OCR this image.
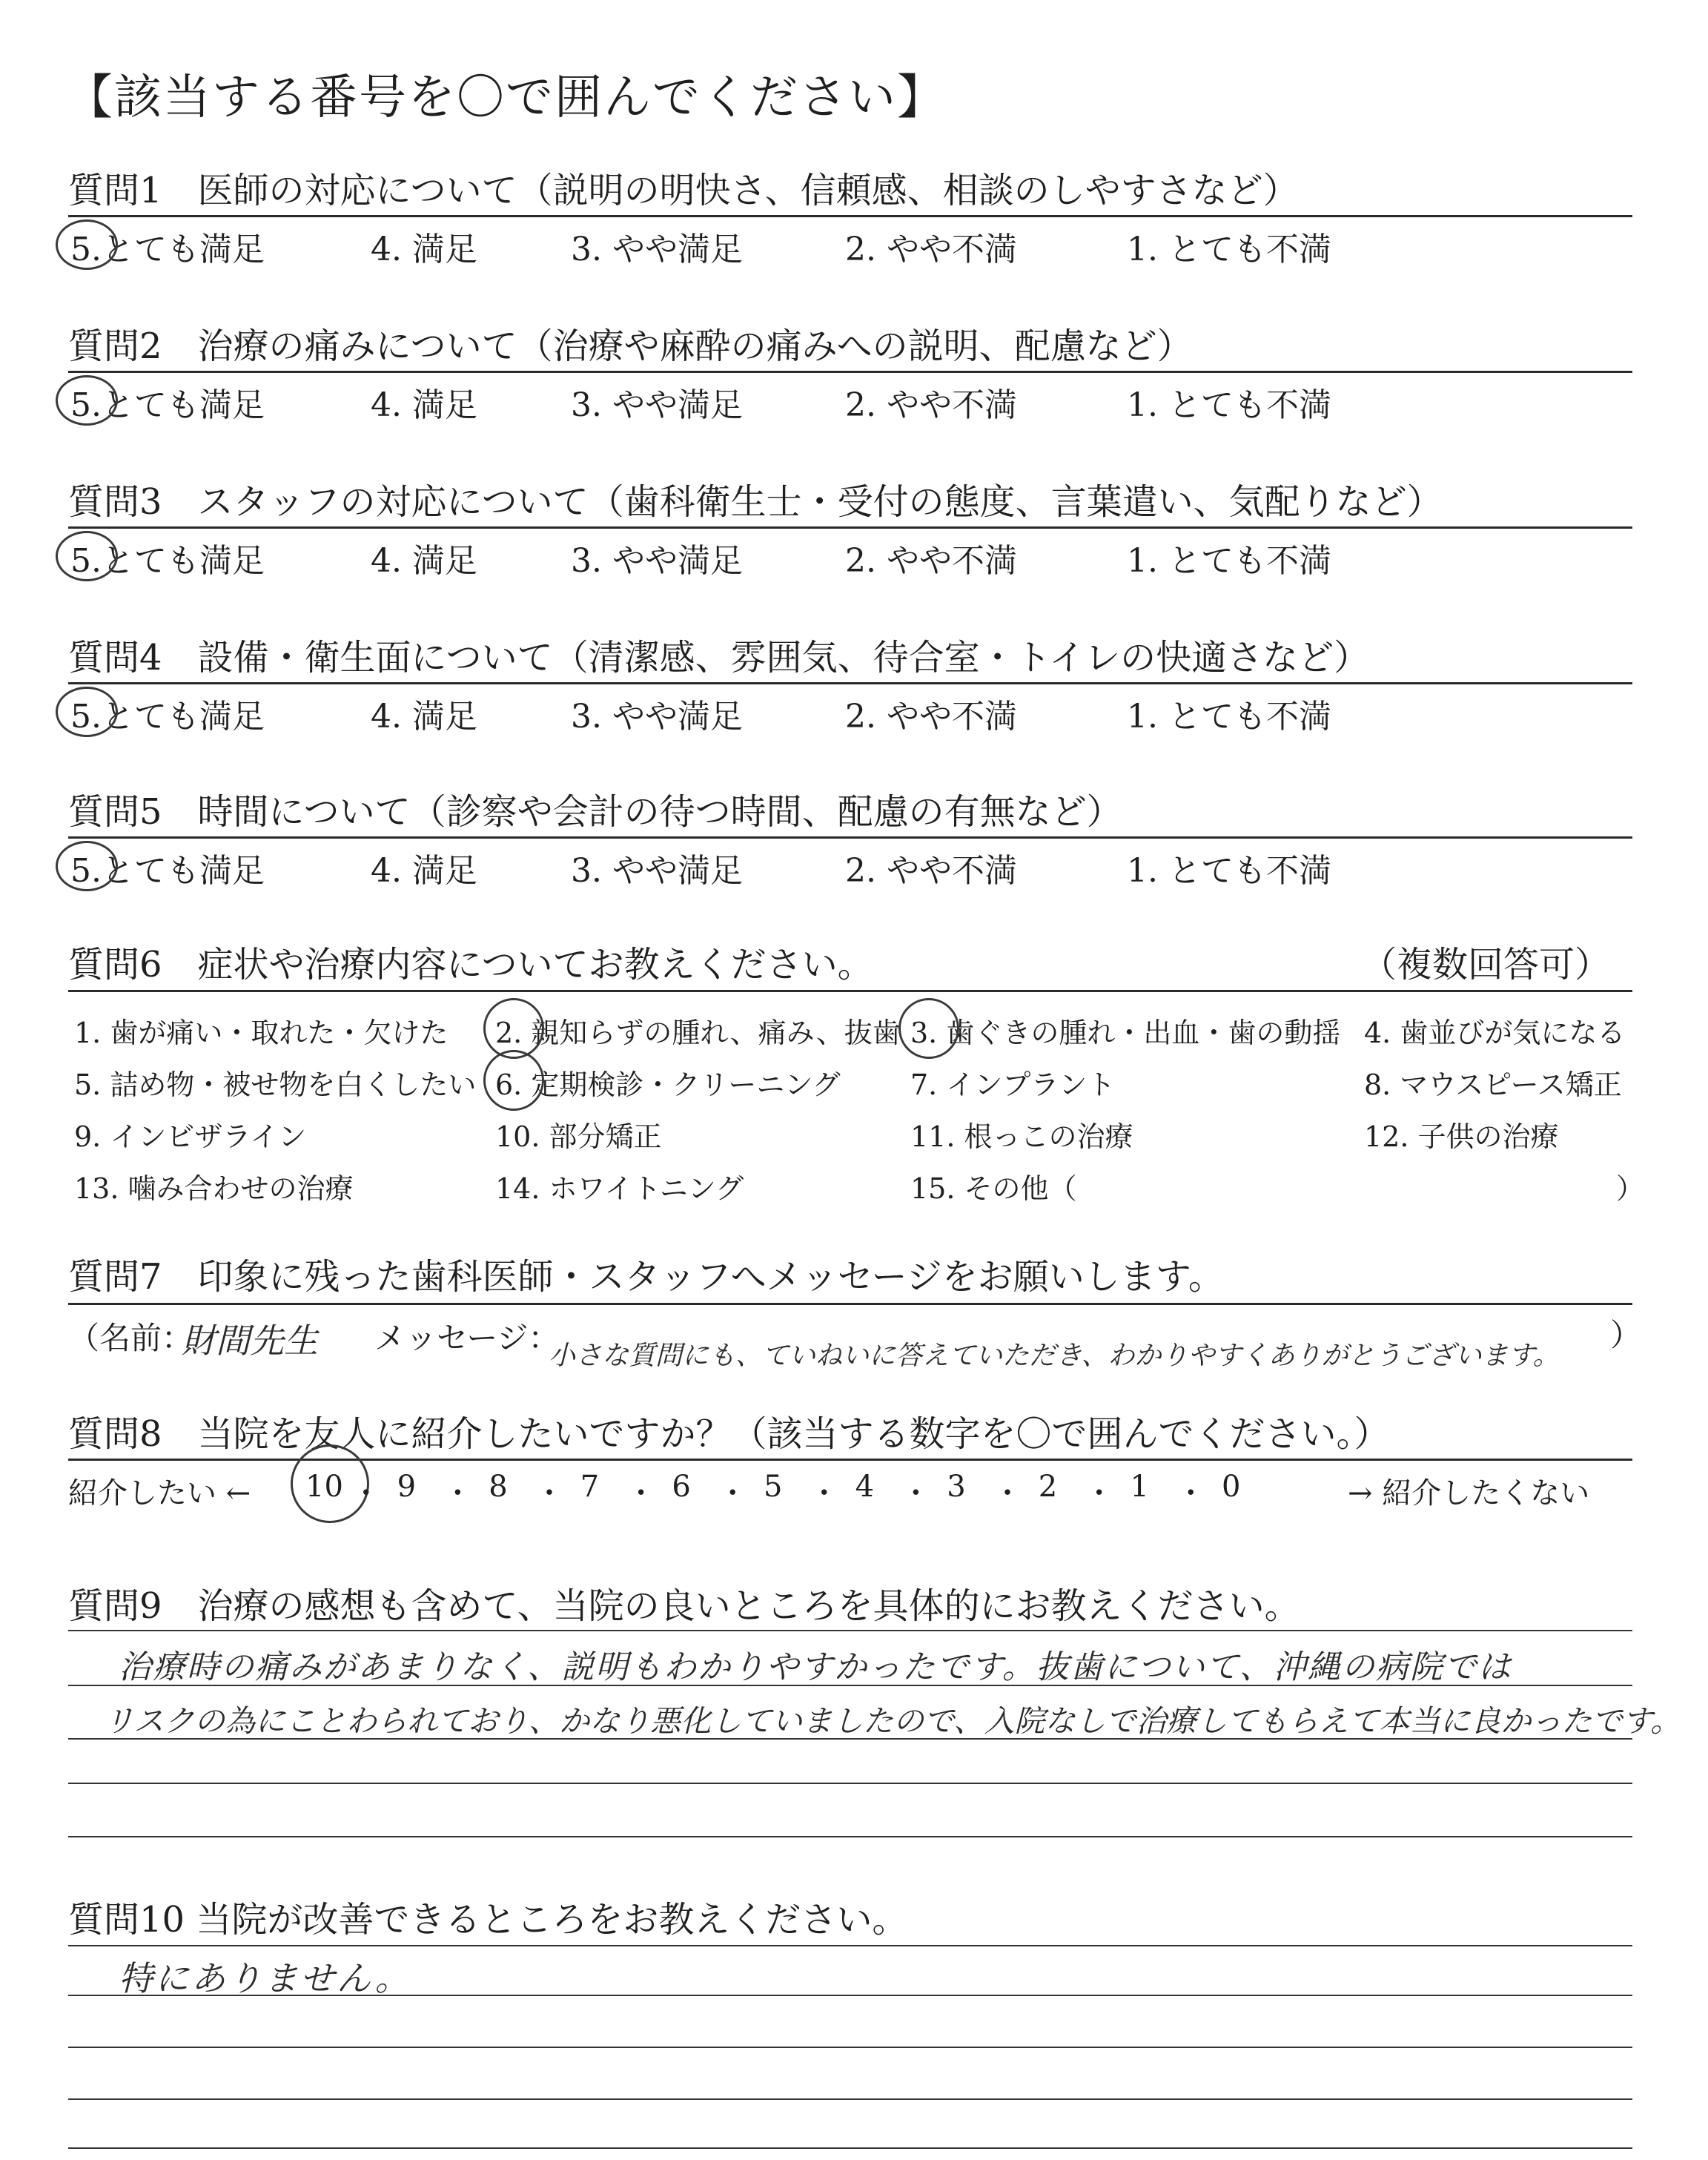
【該当する番号を〇で囲んでください】
質問1　医師の対応について（説明の明快さ、信頼感、相談のしやすさなど）
5.とても満足	4. 満足	3. やや満足	2. やや不満	1. とても不満
質問2　治療の痛みについて（治療や麻酔の痛みへの説明、配慮など）
5.とても満足	4. 満足	3. やや満足	2. やや不満	1. とても不満
質問3　スタッフの対応について（歯科衛生士・受付の態度、言葉遣い、気配りなど）
5.とても満足	4. 満足	3. やや満足	2. やや不満	1. とても不満
質問4　設備・衛生面について（清潔感、雰囲気、待合室・トイレの快適さなど）
5.とても満足	4. 満足	3. やや満足	2. やや不満	1. とても不満
質問5　時間について（診察や会計の待つ時間、配慮の有無など）
5.とても満足	4. 満足	3. やや満足	2. やや不満	1. とても不満
質問6　症状や治療内容についてお教えください。	（複数回答可）
1. 歯が痛い・取れた・欠けた 2. 親知らずの腫れ、痛み、抜歯 3. 歯ぐきの腫れ・出血・歯の動揺 4. 歯並びが気になる
5. 詰め物・被せ物を白くしたい 6. 定期検診・クリーニング 7. インプラント	8. マウスピース矯正
9. インビザライン	10. 部分矯正	11. 根っこの治療	12. 子供の治療
13. 噛み合わせの治療	14. ホワイトニング	15. その他（	）
質問7　印象に残った歯科医師・スタッフへメッセージをお願いします。
（名前：
財間先生 メッセージ：
小さな質問にも、ていねいに答えていただき、わかりやすくありがとうございます。
）
質問8　当院を友人に紹介したいですか？（該当する数字を〇で囲んでください。）
紹介したい ← 10 ・ 9 ・ 8 ・ 7 ・ 6 ・ 5 ・ 4 ・ 3 ・ 2 ・ 1 ・ 0	→ 紹介したくない
質問9　治療の感想も含めて、当院の良いところを具体的にお教えください。
治療時の痛みがあまりなく、説明もわかりやすかったです。抜歯について、沖縄の病院では
リスクの為にことわられており、かなり悪化していましたので、入院なしで治療してもらえて本当に良かったです。
質問10 当院が改善できるところをお教えください。
特にありません。
